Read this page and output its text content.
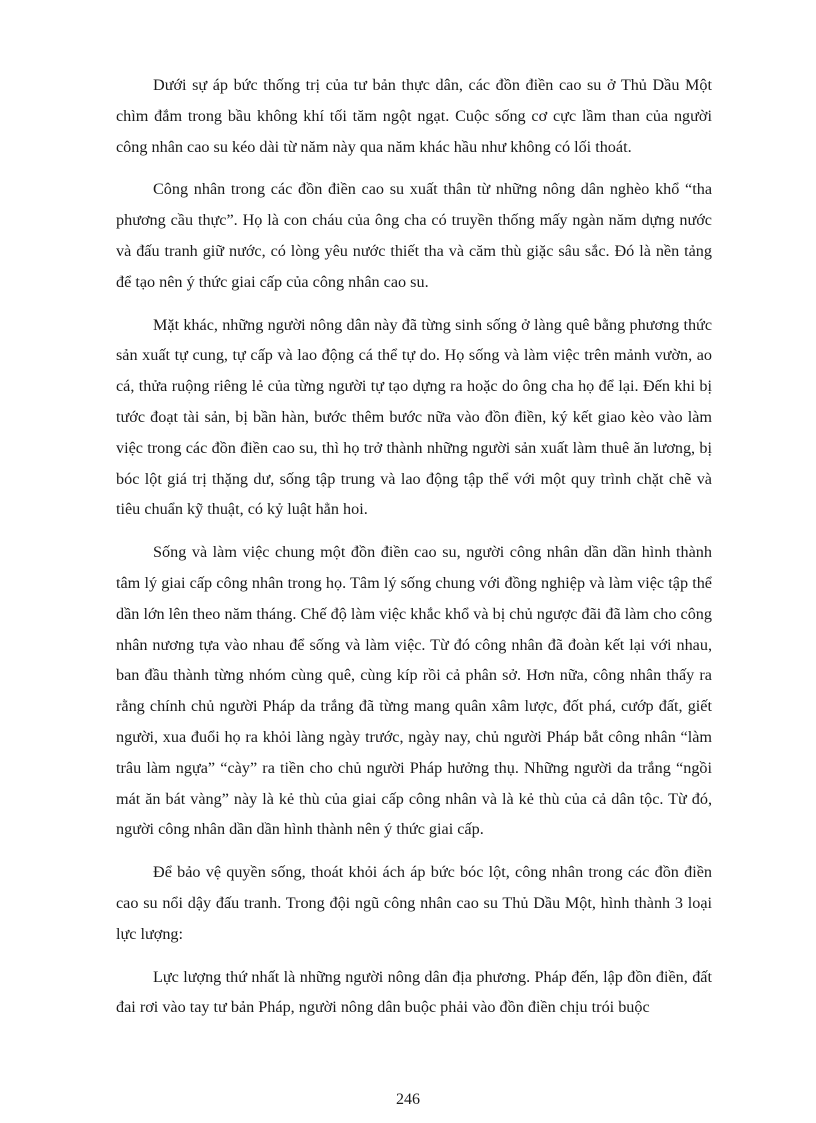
Dưới sự áp bức thống trị của tư bản thực dân, các đồn điền cao su ở Thủ Dầu Một chìm đắm trong bầu không khí tối tăm ngột ngạt. Cuộc sống cơ cực lầm than của người công nhân cao su kéo dài từ năm này qua năm khác hầu như không có lối thoát.

Công nhân trong các đồn điền cao su xuất thân từ những nông dân nghèo khổ “tha phương cầu thực”. Họ là con cháu của ông cha có truyền thống mấy ngàn năm dựng nước và đấu tranh giữ nước, có lòng yêu nước thiết tha và căm thù giặc sâu sắc. Đó là nền tảng để tạo nên ý thức giai cấp của công nhân cao su.

Mặt khác, những người nông dân này đã từng sinh sống ở làng quê bằng phương thức sản xuất tự cung, tự cấp và lao động cá thể tự do. Họ sống và làm việc trên mảnh vườn, ao cá, thửa ruộng riêng lẻ của từng người tự tạo dựng ra hoặc do ông cha họ để lại. Đến khi bị tước đoạt tài sản, bị bần hàn, bước thêm bước nữa vào đồn điền, ký kết giao kèo vào làm việc trong các đồn điền cao su, thì họ trở thành những người sản xuất làm thuê ăn lương, bị bóc lột giá trị thặng dư, sống tập trung và lao động tập thể với một quy trình chặt chẽ và tiêu chuẩn kỹ thuật, có kỷ luật hẳn hoi.

Sống và làm việc chung một đồn điền cao su, người công nhân dần dần hình thành tâm lý giai cấp công nhân trong họ. Tâm lý sống chung với đồng nghiệp và làm việc tập thể dần lớn lên theo năm tháng. Chế độ làm việc khắc khổ và bị chủ ngược đãi đã làm cho công nhân nương tựa vào nhau để sống và làm việc. Từ đó công nhân đã đoàn kết lại với nhau, ban đầu thành từng nhóm cùng quê, cùng kíp rồi cả phân sở. Hơn nữa, công nhân thấy ra rằng chính chủ người Pháp da trắng đã từng mang quân xâm lược, đốt phá, cướp đất, giết người, xua đuổi họ ra khỏi làng ngày trước, ngày nay, chủ người Pháp bắt công nhân “làm trâu làm ngựa” “cày” ra tiền cho chủ người Pháp hưởng thụ. Những người da trắng “ngồi mát ăn bát vàng” này là kẻ thù của giai cấp công nhân và là kẻ thù của cả dân tộc. Từ đó, người công nhân dần dần hình thành nên ý thức giai cấp.

Để bảo vệ quyền sống, thoát khỏi ách áp bức bóc lột, công nhân trong các đồn điền cao su nổi dậy đấu tranh. Trong đội ngũ công nhân cao su Thủ Dầu Một, hình thành 3 loại lực lượng:

Lực lượng thứ nhất là những người nông dân địa phương. Pháp đến, lập đồn điền, đất đai rơi vào tay tư bản Pháp, người nông dân buộc phải vào đồn điền chịu trói buộc

246
